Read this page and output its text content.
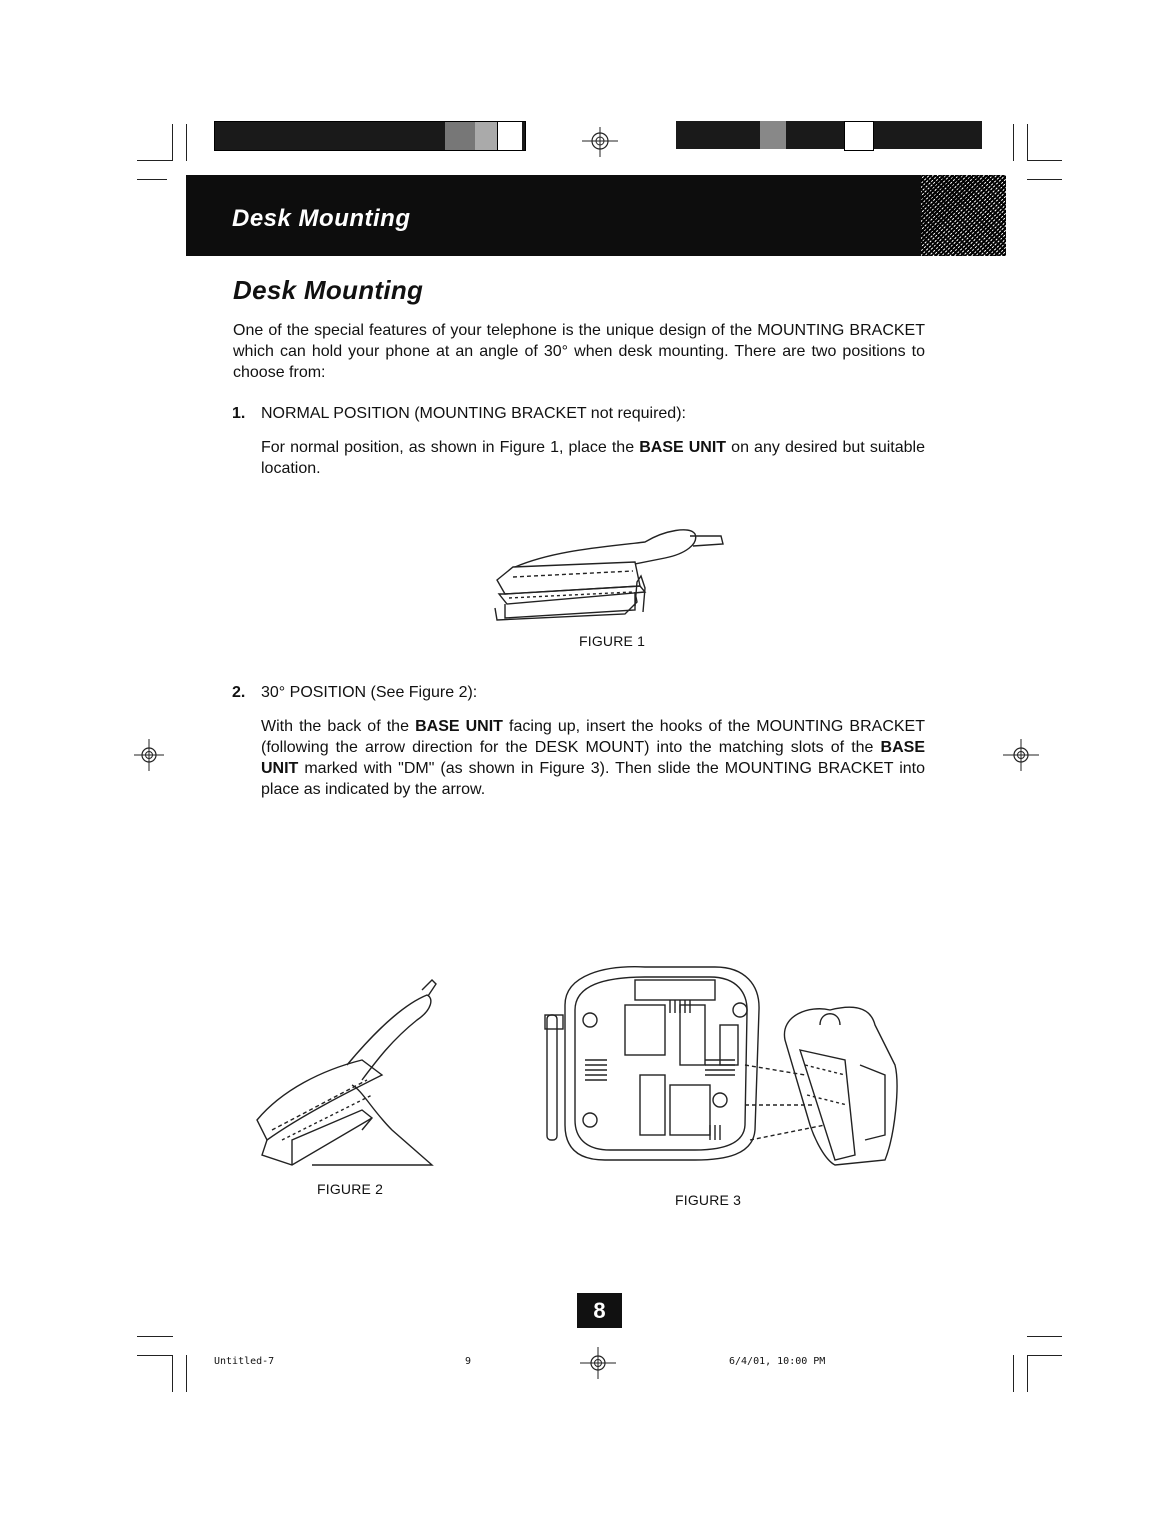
Desk Mounting
Desk Mounting

One of the special features of your telephone is the unique design of the MOUNTING BRACKET which can hold your phone at an angle of 30° when desk mounting. There are two positions to choose from:

1. NORMAL POSITION (MOUNTING BRACKET not required):

For normal position, as shown in Figure 1, place the BASE UNIT on any desired but suitable location.

FIGURE 1
2. 30° POSITION (See Figure 2):

With the back of the BASE UNIT facing up, insert the hooks of the MOUNTING BRACKET (following the arrow direction for the DESK MOUNT) into the matching slots of the BASE UNIT marked with "DM" (as shown in Figure 3). Then slide the MOUNTING BRACKET into place as indicated by the arrow.

FIGURE 2
FIGURE 3
8
Untitled-7	9	6/4/01, 10:00 PM
